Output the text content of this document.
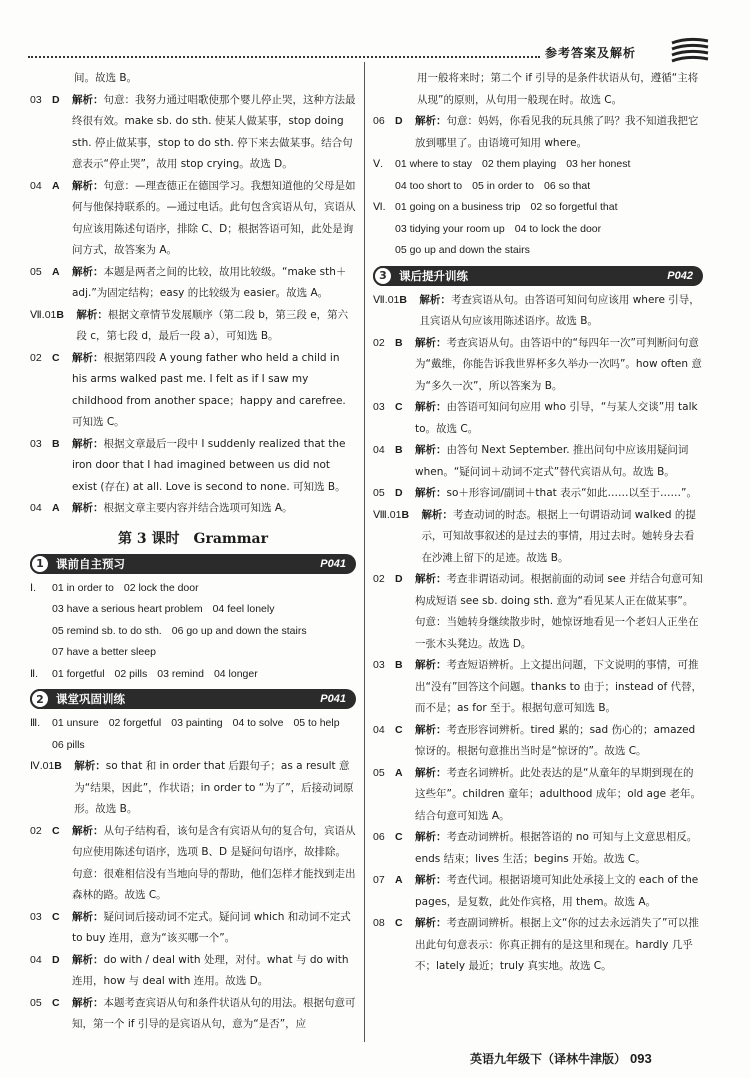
参考答案及解析

间。故选 B。

03 D	解析：句意：我努力通过唱歌使那个婴儿停止哭，这种方法最终很有效。make sb. do sth. 使某人做某事，stop doing sth. 停止做某事，stop to do sth. 停下来去做某事。结合句意表示“停止哭”，故用 stop crying。故选 D。
04 A	解析：句意：—理查德正在德国学习。我想知道他的父母是如何与他保持联系的。—通过电话。此句包含宾语从句，宾语从句应该用陈述句语序，排除 C、D；根据答语可知，此处是询问方式，故答案为 A。
05 A	解析：本题是两者之间的比较，故用比较级。“make sth＋adj.”为固定结构；easy 的比较级为 easier。故选 A。
Ⅶ.01 B	解析：根据文章情节发展顺序（第二段 b，第三段 e，第六段 c，第七段 d，最后一段 a），可知选 B。
02 C	解析：根据第四段 A young father who held a child in his arms walked past me. I felt as if I saw my childhood from another space；happy and carefree. 可知选 C。
03 B	解析：根据文章最后一段中 I suddenly realized that the iron door that I had imagined between us did not exist (存在) at all. Love is second to none. 可知选 B。
04 A	解析：根据文章主要内容并结合选项可知选 A。
第 3 课时　Grammar
1	课前自主预习	P041
Ⅰ.	01 in order to 02 lock the door
03 have a serious heart problem 04 feel lonely
05 remind sb. to do sth. 06 go up and down the stairs
07 have a better sleep
Ⅱ.	01 forgetful 02 pills 03 remind 04 longer
2	课堂巩固训练	P041
Ⅲ.	01 unsure 02 forgetful 03 painting 04 to solve 05 to help
06 pills
Ⅳ.01 B	解析：so that 和 in order that 后跟句子；as a result 意为“结果，因此”，作状语；in order to “为了”，后接动词原形。故选 B。
02 C	解析：从句子结构看，该句是含有宾语从句的复合句，宾语从句应使用陈述句语序，选项 B、D 是疑问句语序，故排除。句意：很难相信没有当地向导的帮助，他们怎样才能找到走出森林的路。故选 C。
03 C	解析：疑问词后接动词不定式。疑问词 which 和动词不定式 to buy 连用，意为“该买哪一个”。
04 D	解析：do with / deal with 处理，对付。what 与 do with 连用，how 与 deal with 连用。故选 D。
05 C	解析：本题考查宾语从句和条件状语从句的用法。根据句意可知，第一个 if 引导的是宾语从句，意为“是否”，应

用一般将来时；第二个 if 引导的是条件状语从句，遵循“主将从现”的原则，从句用一般现在时。故选 C。

06 D	解析：句意：妈妈，你看见我的玩具熊了吗？我不知道我把它放到哪里了。由语境可知用 where。
Ⅴ.	01 where to stay 02 them playing 03 her honest
04 too short to 05 in order to 06 so that
Ⅵ. 01 going on a business trip 02 so forgetful that
03 tidying your room up 04 to lock the door
05 go up and down the stairs
3	课后提升训练	P042
Ⅶ.01 B	解析：考查宾语从句。由答语可知问句应该用 where 引导，且宾语从句应该用陈述语序。故选 B。
02 B	解析：考查宾语从句。由答语中的“每四年一次”可判断问句意为“戴维，你能告诉我世界杯多久举办一次吗”。how often 意为“多久一次”，所以答案为 B。
03 C	解析：由答语可知问句应用 who 引导，“与某人交谈”用 talk to。故选 C。
04 B	解析：由答句 Next September. 推出问句中应该用疑问词 when。“疑问词＋动词不定式”替代宾语从句。故选 B。
05 D	解析：so＋形容词/副词＋that 表示“如此……以至于……”。
Ⅷ.01 B	解析：考查动词的时态。根据上一句谓语动词 walked 的提示，可知故事叙述的是过去的事情，用过去时。她转身去看在沙滩上留下的足迹。故选 B。
02 D	解析：考查非谓语动词。根据前面的动词 see 并结合句意可知构成短语 see sb. doing sth. 意为“看见某人正在做某事”。句意：当她转身继续散步时，她惊讶地看见一个老妇人正坐在一张木头凳边。故选 D。
03 B	解析：考查短语辨析。上文提出问题，下文说明的事情，可推出“没有”回答这个问题。thanks to 由于；instead of 代替，而不是；as for 至于。根据句意可知选 B。
04 C	解析：考查形容词辨析。tired 累的；sad 伤心的；amazed 惊讶的。根据句意推出当时是“惊讶的”。故选 C。
05 A	解析：考查名词辨析。此处表达的是“从童年的早期到现在的这些年”。children 童年；adulthood 成年；old age 老年。结合句意可知选 A。
06 C	解析：考查动词辨析。根据答语的 no 可知与上文意思相反。ends 结束；lives 生活；begins 开始。故选 C。
07 A	解析：考查代词。根据语境可知此处承接上文的 each of the pages，是复数，此处作宾格，用 them。故选 A。
08 C	解析：考查副词辨析。根据上文“你的过去永远消失了”可以推出此句句意表示：你真正拥有的是这里和现在。hardly 几乎不；lately 最近；truly 真实地。故选 C。
英语九年级下（译林牛津版） 093
